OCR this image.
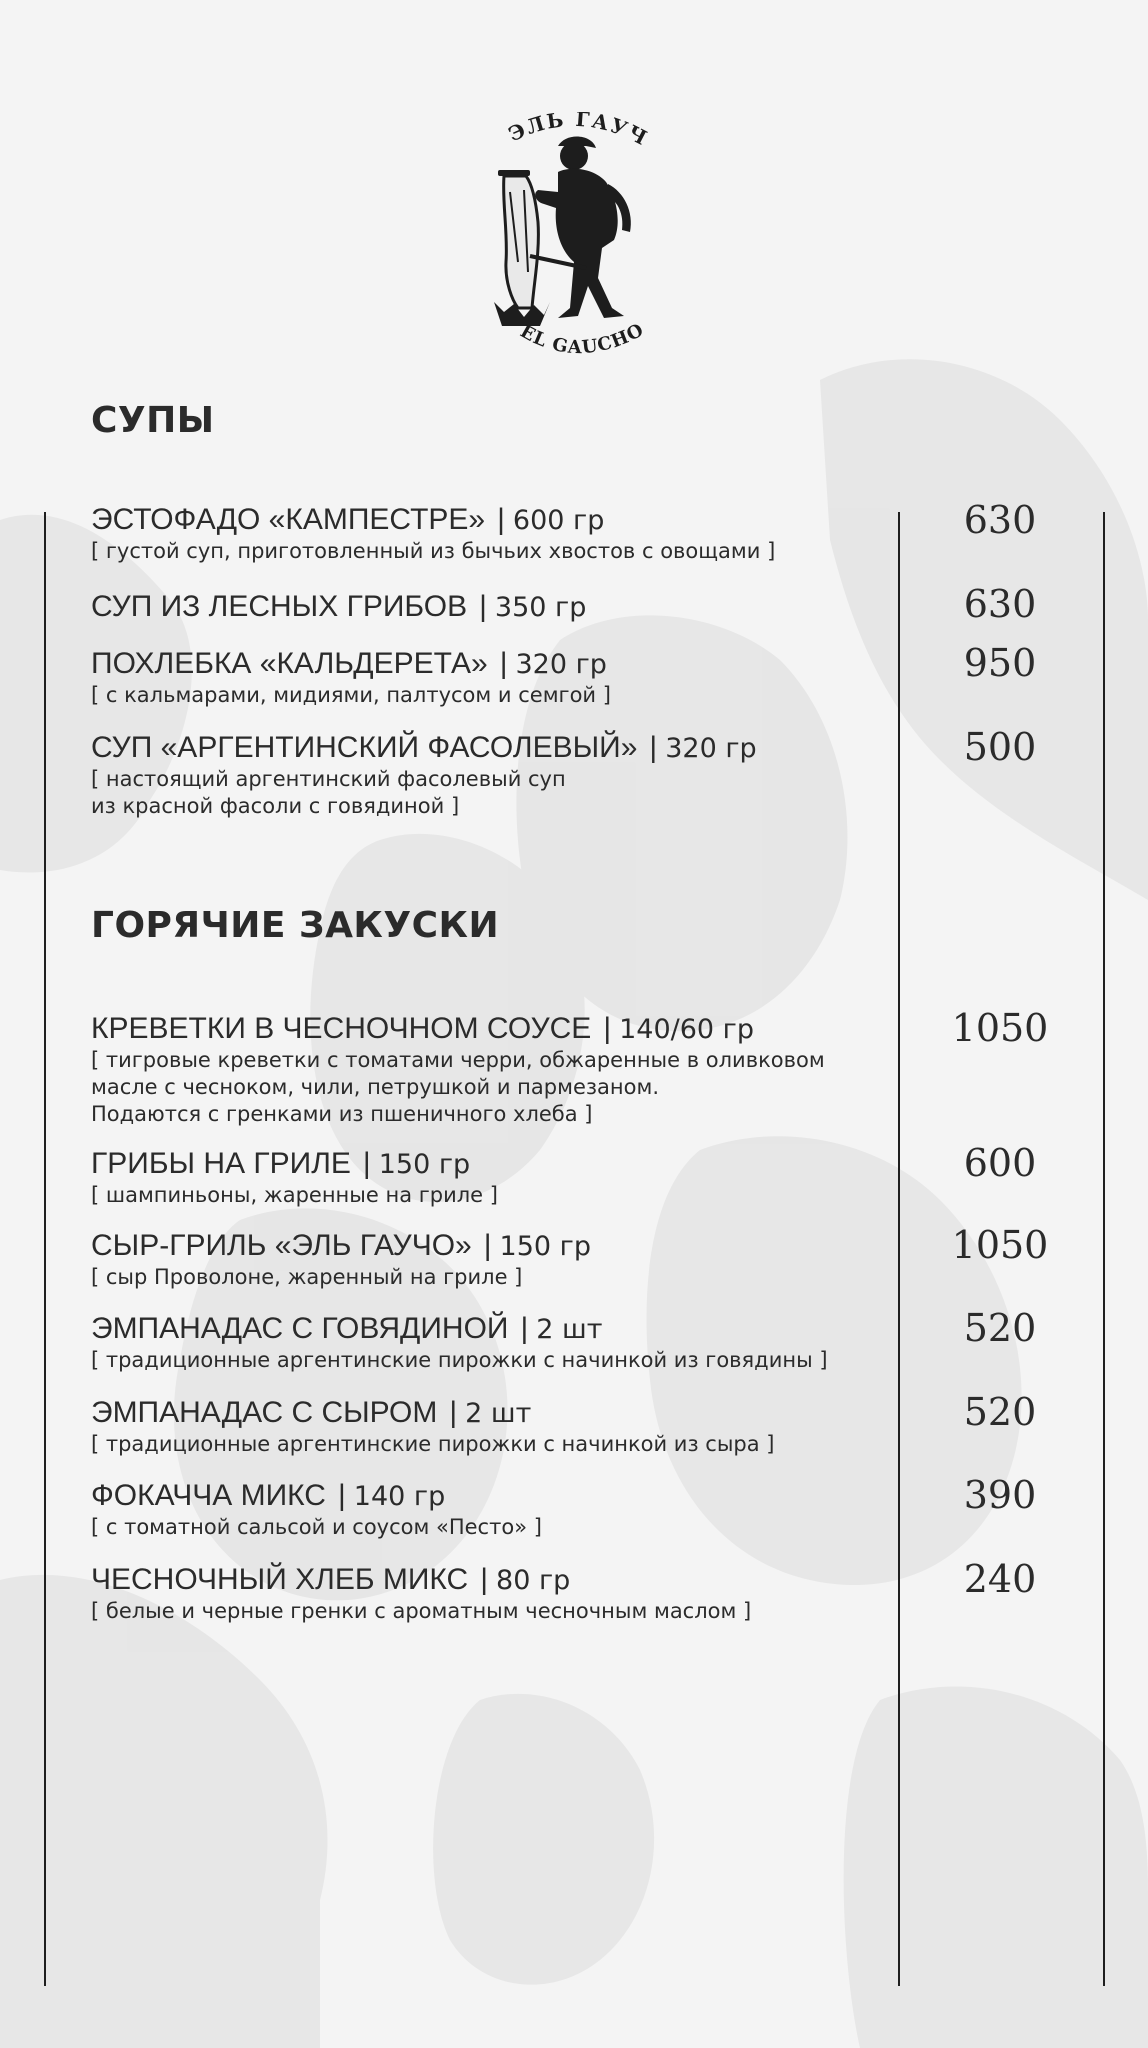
ЭЛЬ ГАУЧ
EL GAUCHO
СУПЫ
ЭСТОФАДО «КАМПЕСТРЕ» | 600 гр
[ густой суп, приготовленный из бычьих хвостов с овощами ]
630
СУП ИЗ ЛЕСНЫХ ГРИБОВ | 350 гр	630
ПОХЛЕБКА «КАЛЬДЕРЕТА» | 320 гр
[ с кальмарами, мидиями, палтусом и семгой ]
950
СУП «АРГЕНТИНСКИЙ ФАСОЛЕВЫЙ» | 320 гр
[ настоящий аргентинский фасолевый суп
из красной фасоли с говядиной ]
500
ГОРЯЧИЕ ЗАКУСКИ
КРЕВЕТКИ В ЧЕСНОЧНОМ СОУСЕ | 140/60 гр
[ тигровые креветки с томатами черри, обжаренные в оливковом
масле с чесноком, чили, петрушкой и пармезаном.
Подаются с гренками из пшеничного хлеба ]
1050
ГРИБЫ НА ГРИЛЕ | 150 гр
[ шампиньоны, жаренные на гриле ]
600
СЫР-ГРИЛЬ «ЭЛЬ ГАУЧО» | 150 гр
[ сыр Проволоне, жаренный на гриле ]
1050
ЭМПАНАДАС С ГОВЯДИНОЙ | 2 шт
[ традиционные аргентинские пирожки с начинкой из говядины ]
520
ЭМПАНАДАС С СЫРОМ | 2 шт
[ традиционные аргентинские пирожки с начинкой из сыра ]
520
ФОКАЧЧА МИКС | 140 гр
[ с томатной сальсой и соусом «Песто» ]
390
ЧЕСНОЧНЫЙ ХЛЕБ МИКС | 80 гр
[ белые и черные гренки с ароматным чесночным маслом ]
240
